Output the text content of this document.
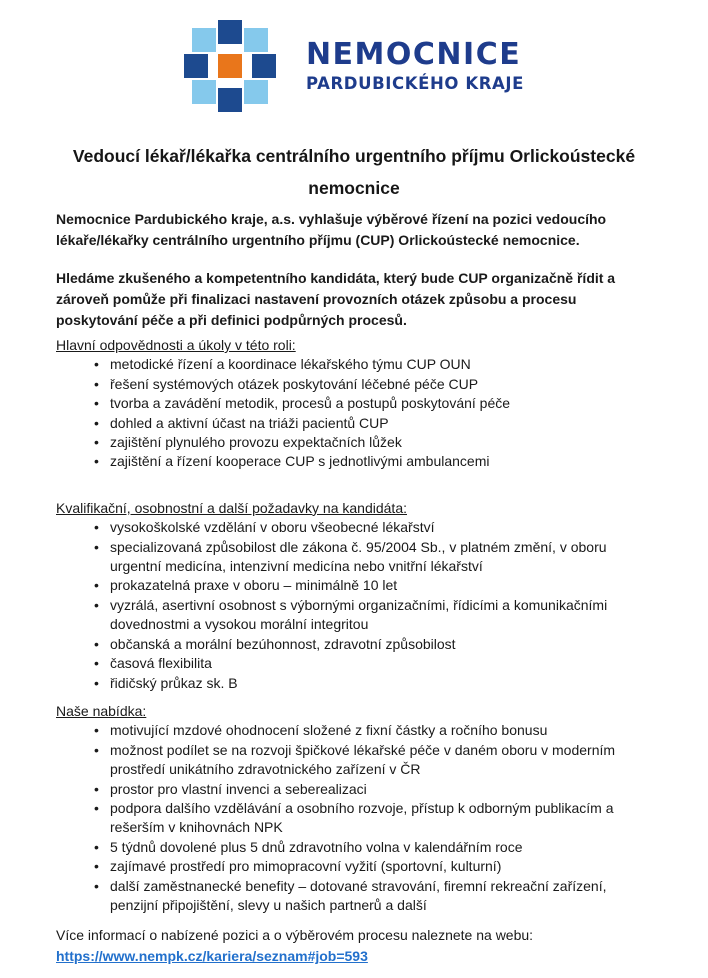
NEMOCNICE
PARDUBICKÉHO KRAJE
Vedoucí lékař/lékařka centrálního urgentního příjmu Orlickoústecké
nemocnice

Nemocnice Pardubického kraje, a.s. vyhlašuje výběrové řízení na pozici vedoucího lékaře/lékařky centrálního urgentního příjmu (CUP) Orlickoústecké nemocnice.

Hledáme zkušeného a kompetentního kandidáta, který bude CUP organizačně řídit a zároveň pomůže při finalizaci nastavení provozních otázek způsobu a procesu poskytování péče a při definici podpůrných procesů.

Hlavní odpovědnosti a úkoly v této roli:
•
metodické řízení a koordinace lékařského týmu CUP OUN
•
řešení systémových otázek poskytování léčebné péče CUP
•
tvorba a zavádění metodik, procesů a postupů poskytování péče
•
dohled a aktivní účast na triáži pacientů CUP
•
zajištění plynulého provozu expektačních lůžek
•
zajištění a řízení kooperace CUP s jednotlivými ambulancemi
Kvalifikační, osobnostní a další požadavky na kandidáta:
•
vysokoškolské vzdělání v oboru všeobecné lékařství
•
specializovaná způsobilost dle zákona č. 95/2004 Sb., v platném změní, v oboru urgentní medicína, intenzivní medicína nebo vnitřní lékařství
•
prokazatelná praxe v oboru – minimálně 10 let
•
vyzrálá, asertivní osobnost s výbornými organizačními, řídicími a komunikačními dovednostmi a vysokou morální integritou
•
občanská a morální bezúhonnost, zdravotní způsobilost
•
časová flexibilita
•
řidičský průkaz sk. B
Naše nabídka:
•
motivující mzdové ohodnocení složené z fixní částky a ročního bonusu
•
možnost podílet se na rozvoji špičkové lékařské péče v daném oboru v moderním prostředí unikátního zdravotnického zařízení v ČR
•
prostor pro vlastní invenci a seberealizaci
•
podpora dalšího vzdělávání a osobního rozvoje, přístup k odborným publikacím a rešerším v knihovnách NPK
•
5 týdnů dovolené plus 5 dnů zdravotního volna v kalendářním roce
•
zajímavé prostředí pro mimopracovní vyžití (sportovní, kulturní)
•
další zaměstnanecké benefity – dotované stravování, firemní rekreační zařízení, penzijní připojištění, slevy u našich partnerů a další

Více informací o nabízené pozici a o výběrovém procesu naleznete na webu:

https://www.nempk.cz/kariera/seznam#job=593
